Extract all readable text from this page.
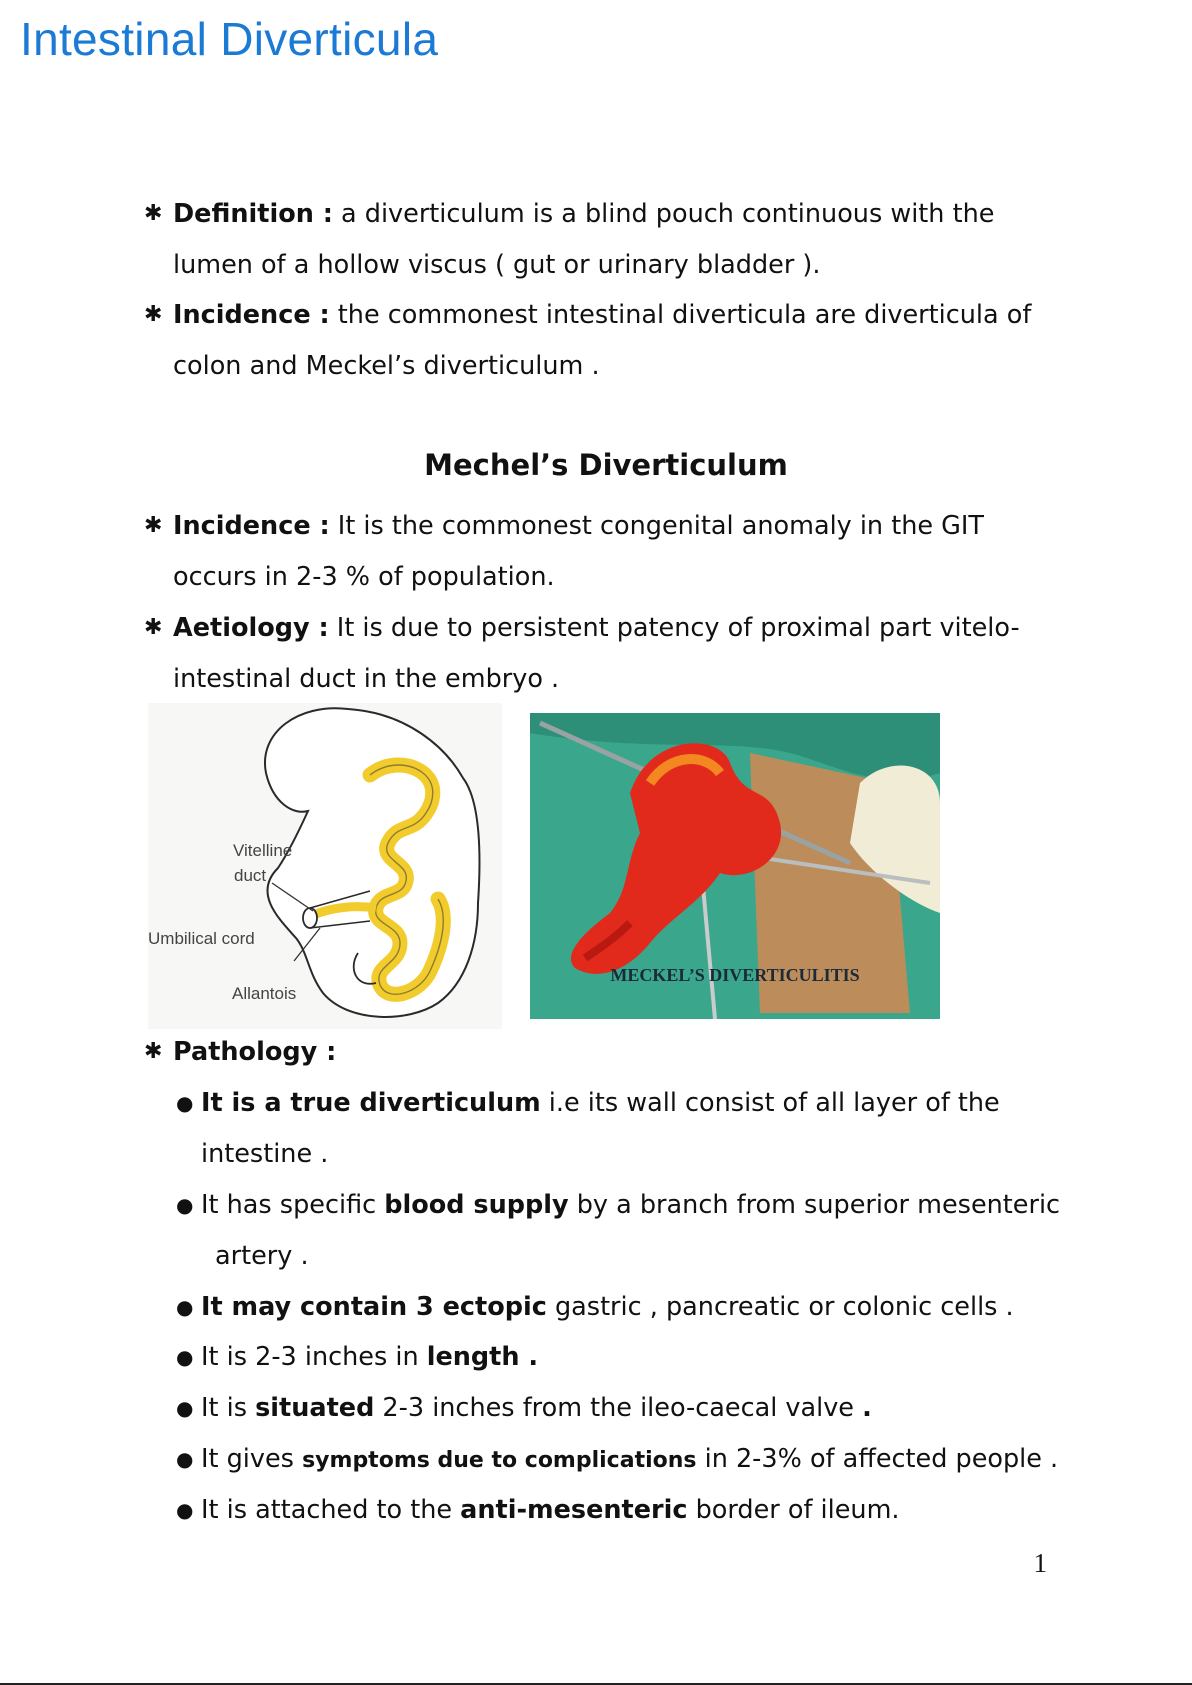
Intestinal Diverticula
✱ Definition : a diverticulum is a blind pouch continuous with the
lumen of a hollow viscus ( gut or urinary bladder ).
✱ Incidence : the commonest intestinal diverticula are diverticula of
colon and Meckel’s diverticulum .
Mechel’s Diverticulum
✱ Incidence : It is the commonest congenital anomaly in the GIT
occurs in 2-3 % of population.
✱ Aetiology : It is due to persistent patency of proximal part vitelo-
intestinal duct in the embryo .
Vitelline
duct
Umbilical cord
Allantois
MECKEL’S DIVERTICULITIS
✱ Pathology :
● It is a true diverticulum i.e its wall consist of all layer of the
intestine .
● It has specific blood supply by a branch from superior mesenteric
artery .
● It may contain 3 ectopic gastric , pancreatic or colonic cells .
● It is 2-3 inches in length .
● It is situated 2-3 inches from the ileo-caecal valve .
● It gives symptoms due to complications in 2-3% of affected people .
● It is attached to the anti-mesenteric border of ileum.
1
